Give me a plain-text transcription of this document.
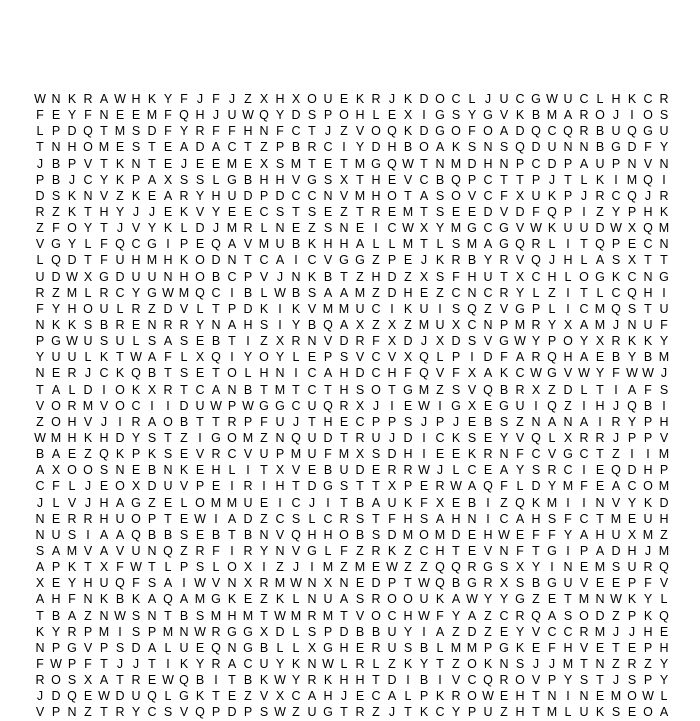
W N K R A W H K Y F J F J Z X H X O U E K R J K D O C L J U C G W U C L H K C R
F E Y F N E E M F Q H J U W Q Y D S P O H L E X I G S Y G V K B M A R O J I O S
L P D Q T M S D F Y R F F H N F C T J Z V O Q K D G O F O A D Q C Q R B U Q G U
T N H O M E S T E A D A C T Z P B R C I Y D H B O A K S N S Q D U N N B G D F Y
J B P V T K N T E J E E M E X S M T E T M G Q W T N M D H N P C D P A U P N V N
P B J C Y K P A X S S L G B H H V G S X T H E V C B Q P C T T P J T L K I M Q I
D S K N V Z K E A R Y H U D P D C C N V M H O T A S O V C F X U K P J R C Q J R
R Z K T H Y J J E K V Y E E C S T S E Z T R E M T S E E D V D F Q P I Z Y P H K
Z F O Y T J V Y K L D J M R L N E Z S N E I C W X Y M G C G V W K U U D W X Q M
V G Y L F Q C G I P E Q A V M U B K H H A L L M T L S M A G Q R L I T Q P E C N
L Q D T F U H M H K O D N T C A I C V G G Z P E J K R B Y R V Q J H L A S X T T
U D W X G D U U N H O B C P V J N K B T Z H D Z X S F H U T X C H L O G K C N G
R Z M L R C Y G W M Q C I B L W B S A A M Z D H E Z C N C R Y L Z I T L C Q H I
F Y H O U L R Z D V L T P D K I K V M M U C I K U I S Q Z V G P L I C M Q S T U
N K K S B R E N R R Y N A H S I Y B Q A X Z X Z M U X C N P M R Y X A M J N U F
P G W U S U L S A S E B T I Z X R N V D R F X D J X D S V G W Y P O Y X R K K Y
Y U U L K T W A F L X Q I Y O Y L E P S V C V X Q L P I D F A R Q H A E B Y B M
N E R J C K Q B T S E T O L H N I C A H D C H F Q V F X A K C W G V W Y F W W J
T A L D I O K X R T C A N B T M T C T H S O T G M Z S V Q B R X Z D L T I A F S
V O R M V O C I	I D U W P W G G C U Q R X J I E W I G X E G U I Q Z I H J Q B I
Z O H V J I R A O B T T R P F U J T H E C P P S J P J E B S Z N A N A I R Y P H
W M H K H D Y S T Z I G O M Z N Q U D T R U J D I C K S E Y V Q L X R R J P P V
B A E Z Q K P K S E V R C V U P M U F M X S D H I E E K R N F C V G C T Z I	I M
A X O O S N E B N K E H L I T X V E B U D E R R W J L C E A Y S R C I E Q D H P
C F L J E O X D U V P E I R I H T D G S T T X P E R W A Q F L D Y M F E A C O M
J L V J H A G Z E L O M M U E I C J I T B A U K F X E B I Z Q K M I	I N V Y K D
N E R R H U O P T E W I A D Z C S L C R S T F H S A H N I C A H S F C T M E U H
N U S I A A Q B B S E B T B N V Q H H O B S D M O M D E H W E F F Y A H U X M Z
S A M V A V U N Q Z R F I R Y N V G L F Z R K Z C H T E V N F T G I P A D H J M
A P K T X F W T L P S L O X I Z J I M Z M E W Z Z Q Q R G S X Y I N E M S U R Q
X E Y H U Q F S A I W V N X R M W N X N E D P T W Q B G R X S B G U V E E P F V
A H F N K B K A Q A M G K E Z K L N U A S R O O U K A W Y Y G Z E T M N W K Y L
T B A Z N W S N T B S M H M T W M R M T V O C H W F Y A Z C R Q A S O D Z P K Q
K Y R P M I S P M N W R G G X D L S P D B B U Y I A Z D Z E Y V C C R M J J H E
N P G V P S D A L U E Q N G B L L X G H E R U S B L M M P G K E F H V E T E P H
F W P F T J J T I K Y R A C U Y K N W L R L Z K Y T Z O K N S J J M T N Z R Z Y
R O S X A T R E W Q B I T B K W Y R K H H T D I B I V C Q R O V P Y S T J S P Y
J D Q E W D U Q L G K T E Z V X C A H J E C A L P K R O W E H T N I N E M O W L
V P N Z T R Y C S V Q P D P S W Z U G T R Z J T K C Y P U Z H T M L U K S E O A
